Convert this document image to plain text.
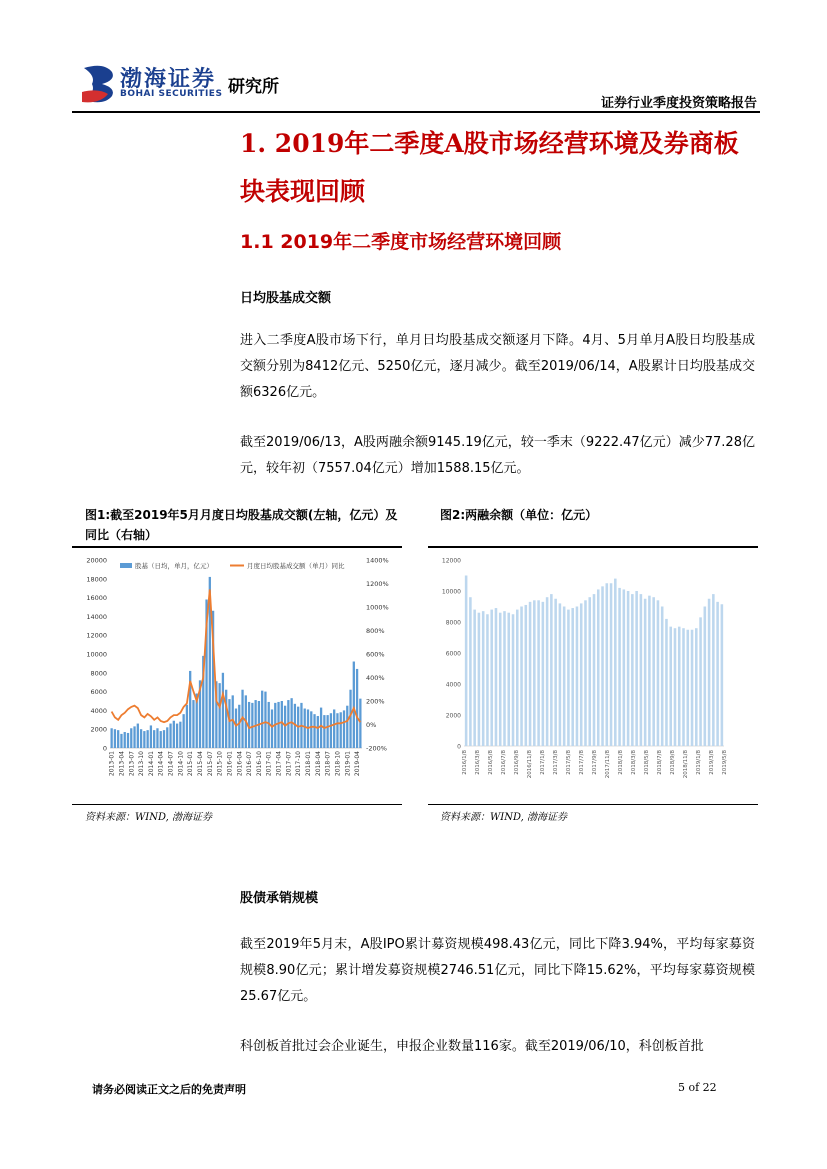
渤海证券
BOHAI SECURITIES 研究所
证券行业季度投资策略报告
1. 2019年二季度A股市场经营环境及券商板块表现回顾
1.1 2019年二季度市场经营环境回顾
日均股基成交额
进入二季度A股市场下行，单月日均股基成交额逐月下降。4月、5月单月A股日均股基成交额分别为8412亿元、5250亿元，逐月减少。截至2019/06/14，A股累计日均股基成交额6326亿元。
截至2019/06/13，A股两融余额9145.19亿元，较一季末（9222.47亿元）减少77.28亿元，较年初（7557.04亿元）增加1588.15亿元。
图1:截至2019年5月月度日均股基成交额(左轴，亿元）及同比（右轴）
20000
18000
16000
14000
12000
10000
8000
6000
4000
2000
0
1400%
1200%
1000%
800%
600%
400%
200%
0%
-200%
2013-01 2013-04 2013-07 2013-10 2014-01 2014-04 2014-07 2014-10 2015-01 2015-04 2015-07 2015-10 2016-01 2016-04 2016-07 2016-10 2017-01 2017-04 2017-07 2017-10 2018-01 2018-04 2018-07 2018-10 2019-01 2019-04
股基（日均，单月，亿元）	月度日均股基成交额（单月）同比
资料来源：WIND, 渤海证券
图2:两融余额（单位：亿元）
12000
10000
8000
6000
4000
2000
0
2016/1/8 2016/3/8 2016/5/8 2016/7/8 2016/9/8 2016/11/8 2017/1/8 2017/3/8 2017/5/8 2017/7/8 2017/9/8 2017/11/8 2018/1/8 2018/3/8 2018/5/8 2018/7/8 2018/9/8 2018/11/8 2019/1/8 2019/3/8 2019/5/8
资料来源：WIND, 渤海证券
股债承销规模
截至2019年5月末，A股IPO累计募资规模498.43亿元，同比下降3.94%，平均每家募资规模8.90亿元；累计增发募资规模2746.51亿元，同比下降15.62%，平均每家募资规模25.67亿元。
科创板首批过会企业诞生，申报企业数量116家。截至2019/06/10，科创板首批
请务必阅读正文之后的免责声明	5 of 22
